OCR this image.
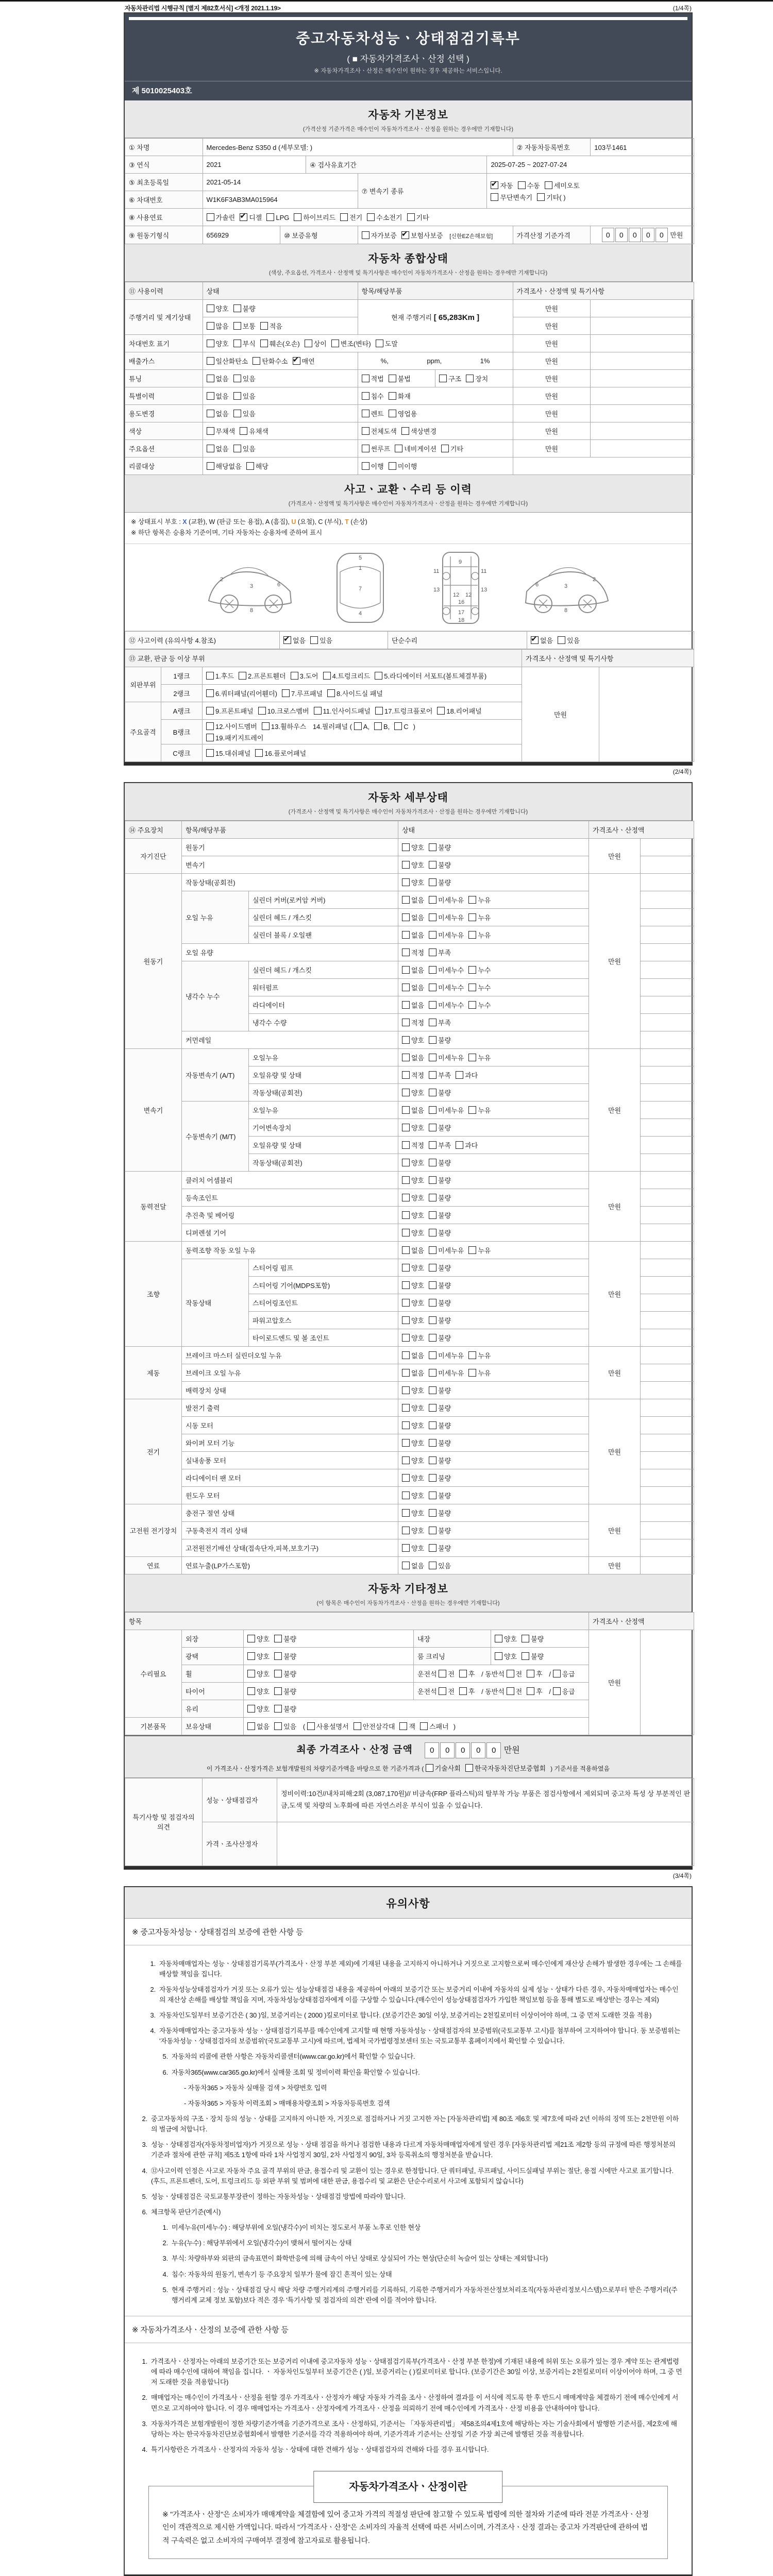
자동차관리법 시행규칙 [별지 제82호서식] <개정 2021.1.19>	(1/4쪽)
중고자동차성능ㆍ상태점검기록부
( ■ 자동차가격조사ㆍ산정 선택 )
※ 자동차가격조사ㆍ산정은 매수인이 원하는 경우 제공하는 서비스입니다.
제 5010025403호
자동차 기본정보
(가격산정 기준가격은 매수인이 자동차가격조사ㆍ산정을 원하는 경우에만 기재합니다)
① 차명	Mercedes-Benz S350 d (세부모델: )					② 자동차등록번호	103무1461
③ 연식	2021		④ 검사유효기간		2025-07-25 ~ 2027-07-24		
⑤ 최초등록일	2021-05-14			⑦ 변속기 종류	
✔자동 수동 세미오토
무단변속기 기타( )

⑥ 차대번호	W1K6F3AB3MA015964						
⑧ 사용연료	가솔린 ✔ 디젤 LPG 하이브리드 전기 수소전기 기타
⑨ 원동기형식	656929	⑩ 보증유형		자가보증 ✔ 보험사보증 [신한EZ손해보험]		가격산정 기준가격	0 0 0 0 0 만원
자동차 종합상태
(색상, 주요옵션, 가격조사ㆍ산정액 및 특기사항은 매수인이 자동차가격조사ㆍ산정을 원하는 경우에만 기재합니다)
⑪ 사용이력	상태	항목/해당부품		가격조사ㆍ산정액 및 특기사항	
주행거리 및 계기상태	양호 불량	현재 주행거리 [ 65,283Km ]		만원	
	많음 보통 적음			만원	
차대번호 표기	양호 부식 훼손(오손) 상이 변조(변타) 도말			만원	
배출가스	일산화탄소 탄화수소 ✔ 매연	%, ppm, 1%		만원	
튜닝	없음 있음	적법 불법	구조 장치	만원	
특별이력	없음 있음	침수 화재		만원	
용도변경	없음 있음	렌트 영업용		만원	
색상	무채색 유채색	전체도색 색상변경		만원	
주요옵션	없음 있음	썬루프 네비게이션 기타		만원	
리콜대상	해당없음 해당	이행 미이행			
사고ㆍ교환ㆍ수리 등 이력
(가격조사ㆍ산정액 및 특기사항은 매수인이 자동차가격조사ㆍ산정을 원하는 경우에만 기재합니다)
※ 상태표시 부호 : X (교환), W (판금 또는 용접), A (흠집), U (요철), C (부식), T (손상)
※ 하단 항목은 승용차 기준이며, 기타 자동차는 승용차에 준하여 표시
2
3	6
8
5
1
7
4
9
11	11
13	13
12 12
16
17
18
2
3
6
8
⑫ 사고이력 (유의사항 4.참조)	✔없음 있음	단순수리	✔없음 있음
⑬ 교환, 판금 등 이상 부위			가격조사ㆍ산정액 및 특기사항	
외판부위	1랭크	1.후드 2.프론트휀더 3.도어 4.트렁크리드 5.라디에이터 서포트(볼트체결부품)	만원	
	2랭크	6.쿼터패널(리어휀더) 7.루프패널 8.사이드실 패널		
주요골격	A랭크	9.프론트패널 10.크로스멤버 11.인사이드패널 17.트렁크플로어 18.리어패널		
	B랭크	12.사이드멤버 13.휠하우스 14.필러패널 ( A, B, C )
19.패키지트레이		

	C랭크	15.대쉬패널 16.플로어패널		
(2/4쪽)
자동차 세부상태
(가격조사ㆍ산정액 및 특기사항은 매수인이 자동차가격조사ㆍ산정을 원하는 경우에만 기재합니다)
⑭ 주요장치	항목/해당부품		상태	가격조사ㆍ산정액	
자기진단	원동기		양호 불량	만원	
	변속기		양호 불량		
원동기	작동상태(공회전)		양호 불량	만원	
	오일 누유	실린더 커버(로커암 커버)	없음 미세누유 누유		
		실린더 헤드 / 개스킷	없음 미세누유 누유		
		실린더 블록 / 오일팬	없음 미세누유 누유		
	오일 유량		적정 부족		
	냉각수 누수	실린더 헤드 / 개스킷	없음 미세누수 누수		
		워터펌프	없음 미세누수 누수		
		라디에이터	없음 미세누수 누수		
		냉각수 수량	적정 부족		
	커먼레일		양호 불량		
변속기	자동변속기 (A/T)	오일누유	없음 미세누유 누유	만원	
		오일유량 및 상태	적정 부족 과다		
		작동상태(공회전)	양호 불량		
	수동변속기 (M/T)	오일누유	없음 미세누유 누유		
		기어변속장치	양호 불량		
		오일유량 및 상태	적정 부족 과다		
		작동상태(공회전)	양호 불량		
동력전달	클러치 어셈블리		양호 불량	만원	
	등속조인트		양호 불량		
	추진축 및 베어링		양호 불량		
	디퍼렌셜 기어		양호 불량		
조향	동력조향 작동 오일 누유		없음 미세누유 누유	만원	
	작동상태	스티어링 펌프	양호 불량		
		스티어링 기어(MDPS포함)	양호 불량		
		스티어링조인트	양호 불량		
		파워고압호스	양호 불량		
		타이로드엔드 및 볼 조인트	양호 불량		
제동	브레이크 마스터 실린더오일 누유		없음 미세누유 누유	만원	
	브레이크 오일 누유		없음 미세누유 누유		
	배력장치 상태		양호 불량		
전기	발전기 출력		양호 불량	만원	
	시동 모터		양호 불량		
	와이퍼 모터 기능		양호 불량		
	실내송풍 모터		양호 불량		
	라디에이터 팬 모터		양호 불량		
	윈도우 모터		양호 불량		
고전원 전기장치	충전구 절연 상태		양호 불량	만원	
	구동축전지 격리 상태		양호 불량		
	고전원전기배선 상태(접속단자,피복,보호기구)		양호 불량		
연료	연료누출(LP가스포함)		없음 있음	만원	
자동차 기타정보
(이 항목은 매수인이 자동차가격조사ㆍ산정을 원하는 경우에만 기재합니다)
항목					가격조사ㆍ산정액	
수리필요	외장	양호 불량	내장	양호 불량	만원	
	광택	양호 불량	룸 크리닝	양호 불량		
	휠	양호 불량	운전석 전 후 / 동반석 전 후 / 응급			
	타이어	양호 불량	운전석 전 후 / 동반석 전 후 / 응급			
	유리	양호 불량				
기본품목	보유상태	없음 있음 ( 사용설명서 안전삼각대 잭 스패너 )				
최종 가격조사ㆍ산정 금액 0 0 0 0 0 만원
이 가격조사ㆍ산정가격은 보험개발원의 차량기준가액을 바탕으로 한 기준가격과 ( 기술사회 한국자동차진단보증협회 ) 기준서를 적용하였음
특기사항 및 점검자의 의견	성능ㆍ상태점검자	정비이력:10건//내차피해:2회 (3,087,170원)// 비금속(FRP 플라스틱)의 탈부착 가능 부품은 점검사항에서 제외되며 중고차 특성 상 부분적인 판금,도색 및 차량의 노후화에 따른 자연스러운 부식이 있을 수 있습니다.
	가격ㆍ조사산정자	
(3/4쪽)
유의사항
※ 중고자동차성능ㆍ상태점검의 보증에 관한 사항 등
1. 자동차매매업자는 성능ㆍ상태점검기록부(가격조사ㆍ산정 부분 제외)에 기재된 내용을 고지하지 아니하거나 거짓으로 고지함으로써 매수인에게 재산상 손해가 발생한 경우에는 그 손해를 배상할 책임을 집니다.
2. 자동차성능상태점검자가 거짓 또는 오류가 있는 성능상태점검 내용을 제공하여 아래의 보증기간 또는 보증거리 이내에 자동차의 실제 성능ㆍ상태가 다른 경우, 자동차매매업자는 매수인의 재산상 손해를 배상할 책임을 지며, 자동차성능상태점검자에게 이를 구상할 수 있습니다.(매수인이 성능상태점검자가 가입한 책임보험 등을 통해 별도로 배상받는 경우는 제외)
3. 자동차인도일부터 보증기간은 ( 30 )일, 보증거리는 ( 2000 )킬로미터로 합니다. (보증기간은 30일 이상, 보증거리는 2천킬로미터 이상이어야 하며, 그 중 먼저 도래한 것을 적용)
4. 자동차매매업자는 중고자동차 성능ㆍ상태점검기록부를 매수인에게 고지할 때 현행 자동차성능ㆍ상태점검자의 보증범위(국토교통부 고시)를 첨부하여 고지하여야 합니다. 동 보증범위는 '자동차성능ㆍ상태점검자의 보증범위'(국토교통부 고시)에 따르며, 법제처 국가법령정보센터 또는 국토교통부 홈페이지에서 확인할 수 있습니다.
5. 자동차의 리콜에 관한 사항은 자동차리콜센터(www.car.go.kr)에서 확인할 수 있습니다.
6. 자동차365(www.car365.go.kr)에서 실매물 조회 및 정비이력 확인을 확인할 수 있습니다.
- 자동차365 > 자동차 실매물 검색 > 차량번호 입력
- 자동차365 > 자동차 이력조회 > 매매용차량조회 > 자동차등록번호 검색
2. 중고자동차의 구조ㆍ장치 등의 성능ㆍ상태를 고지하지 아니한 자, 거짓으로 점검하거나 거짓 고지한 자는 [자동차관리법] 제 80조 제6호 및 제7호에 따라 2년 이하의 징역 또는 2천만원 이하의 벌금에 처합니다.
3. 성능ㆍ상태점검자(자동차정비업자)가 거짓으로 성능ㆍ상태 점검을 하거나 점검한 내용과 다르게 자동차매매업자에게 알린 경우 [자동차관리법 제21조 제2항 등의 규정에 따른 행정처분의 기준과 절차에 관한 규칙] 제5조 1항에 따라 1차 사업정지 30일, 2차 사업정지 90일, 3차 등록취소의 행정처분을 받습니다.
4. ⑫사고이력 인정은 사고로 자동차 주요 골격 부위의 판금, 용접수리 및 교환이 있는 경우로 한정합니다. 단 쿼터패널, 루프패널, 사이드실패널 부위는 절단, 용접 시에만 사고로 표기합니다. (후드, 프론트펜더, 도어, 트렁크리드 등 외판 부위 및 범퍼에 대한 판금, 용접수리 및 교환은 단순수리로서 사고에 포함되지 않습니다)
5. 성능ㆍ상태점검은 국토교통부장관이 정하는 자동차성능ㆍ상태점검 방법에 따라야 합니다.
6. 체크항목 판단기준(예시)
1. 미세누유(미세누수) : 해당부위에 오일(냉각수)이 비치는 정도로서 부품 노후로 인한 현상
2. 누유(누수) : 해당부위에서 오일(냉각수)이 맺혀서 떨어지는 상태
3. 부식: 차량하부와 외판의 금속표면이 화학반응에 의해 금속이 아닌 상태로 상실되어 가는 현상(단순히 녹슬어 있는 상태는 제외합니다)
4. 침수: 자동차의 원동기, 변속기 등 주요장치 일부가 물에 잠긴 흔적이 있는 상태
5. 현재 주행거리 : 성능ㆍ상태점검 당시 해당 차량 주행거리계의 주행거리를 기록하되, 기록한 주행거리가 자동차전산정보처리조직(자동차관리정보시스템)으로부터 받은 주행거리(주행거리계 교체 정보 포함)보다 적은 경우 '특기사항 및 점검자의 의견' 란에 이를 적어야 합니다.
※ 자동차가격조사ㆍ산정의 보증에 관한 사항 등
1. 가격조사ㆍ산정자는 아래의 보증기간 또는 보증거리 이내에 중고자동차 성능ㆍ상태점검기록부(가격조사ㆍ산정 부분 한정)에 기재된 내용에 허위 또는 오류가 있는 경우 계약 또는 관계법령에 따라 매수인에 대하여 책임을 집니다. ㆍ 자동차인도일부터 보증기간은 ( )일, 보증거리는 ( )킬로미터로 합니다. (보증기간은 30일 이상, 보증거리는 2천킬로미터 이상이어야 하며, 그 중 먼저 도래한 것을 적용합니다)
2. 매매업자는 매수인이 가격조사ㆍ산정을 원할 경우 가격조사ㆍ산정자가 해당 자동차 가격을 조사ㆍ산정하여 결과를 이 서식에 적도록 한 후 반드시 매매계약을 체결하기 전에 매수인에게 서면으로 고지하여야 합니다. 이 경우 매매업자는 가격조사ㆍ산정자에게 가격조사ㆍ산정을 의뢰하기 전에 매수인에게 가격조사ㆍ산정 비용을 안내하여야 합니다.
3. 자동차가격은 보험개발원이 정한 차량기준가액을 기준가격으로 조사ㆍ산정하되, 기준서는 「자동차관리법」 제58조의4제1호에 해당하는 자는 기술사회에서 발행한 기준서를, 제2호에 해당하는 자는 한국자동차진단보증협회에서 발행한 기준서를 각각 적용하여야 하며, 기준가격과 기준서는 산정일 기준 가장 최근에 발행된 것을 적용합니다.
4. 특기사항란은 가격조사ㆍ산정자의 자동차 성능ㆍ상태에 대한 견해가 성능ㆍ상태점검자의 견해와 다를 경우 표시합니다.
자동차가격조사ㆍ산정이란
※ "가격조사ㆍ산정"은 소비자가 매매계약을 체결함에 있어 중고차 가격의 적절성 판단에 참고할 수 있도록 법령에 의한 절차와 기준에 따라 전문 가격조사ㆍ산정인이 객관적으로 제시한 가액입니다. 따라서 "가격조사ㆍ산정"은 소비자의 자율적 선택에 따른 서비스이며, 가격조사ㆍ산정 결과는 중고차 가격판단에 관하여 법적 구속력은 없고 소비자의 구매여부 결정에 참고자료로 활용됩니다.
